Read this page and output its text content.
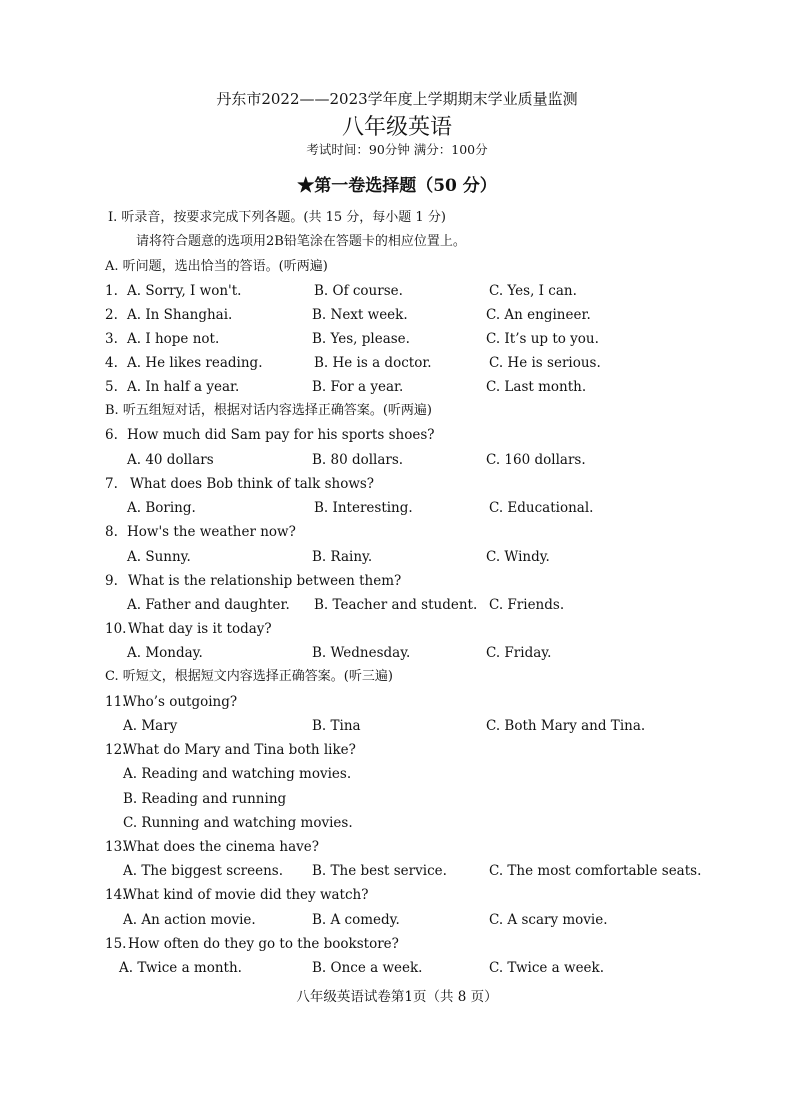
丹东市2022——2023学年度上学期期末学业质量监测
八年级英语
考试时间：90分钟 满分：100分
★第一卷选择题（50 分）
Ⅰ. 听录音，按要求完成下列各题。(共 15 分，每小题 1 分)
请将符合题意的选项用2B铅笔涂在答题卡的相应位置上。
A. 听问题，选出恰当的答语。(听两遍)
1. A. Sorry, I won't.	B. Of course.	C. Yes, I can.
2. A. In Shanghai.	B. Next week.	C. An engineer.
3. A. I hope not.	B. Yes, please.	C. It’s up to you.
4. A. He likes reading.	B. He is a doctor.	C. He is serious.
5. A. In half a year.	B. For a year.	C. Last month.
B. 听五组短对话，根据对话内容选择正确答案。(听两遍)
6. How much did Sam pay for his sports shoes?
A. 40 dollars	B. 80 dollars.	C. 160 dollars.
7. What does Bob think of talk shows?
A. Boring.	B. Interesting.	C. Educational.
8. How's the weather now?
A. Sunny.	B. Rainy.	C. Windy.
9. What is the relationship between them?
A. Father and daughter. B. Teacher and student. C. Friends.
10. What day is it today?
A. Monday.	B. Wednesday.	C. Friday.
C. 听短文，根据短文内容选择正确答案。(听三遍)
11.
Who’s outgoing?
A. Mary	B. Tina	C. Both Mary and Tina.
12.
What do Mary and Tina both like?
A. Reading and watching movies.
B. Reading and running
C. Running and watching movies.
13.
What does the cinema have?
A. The biggest screens. B. The best service.	C. The most comfortable seats.
14.
What kind of movie did they watch?
A. An action movie.	B. A comedy.	C. A scary movie.
15. How often do they go to the bookstore?
A. Twice a month.	B. Once a week.	C. Twice a week.
八年级英语试卷第1页（共 8 页）
